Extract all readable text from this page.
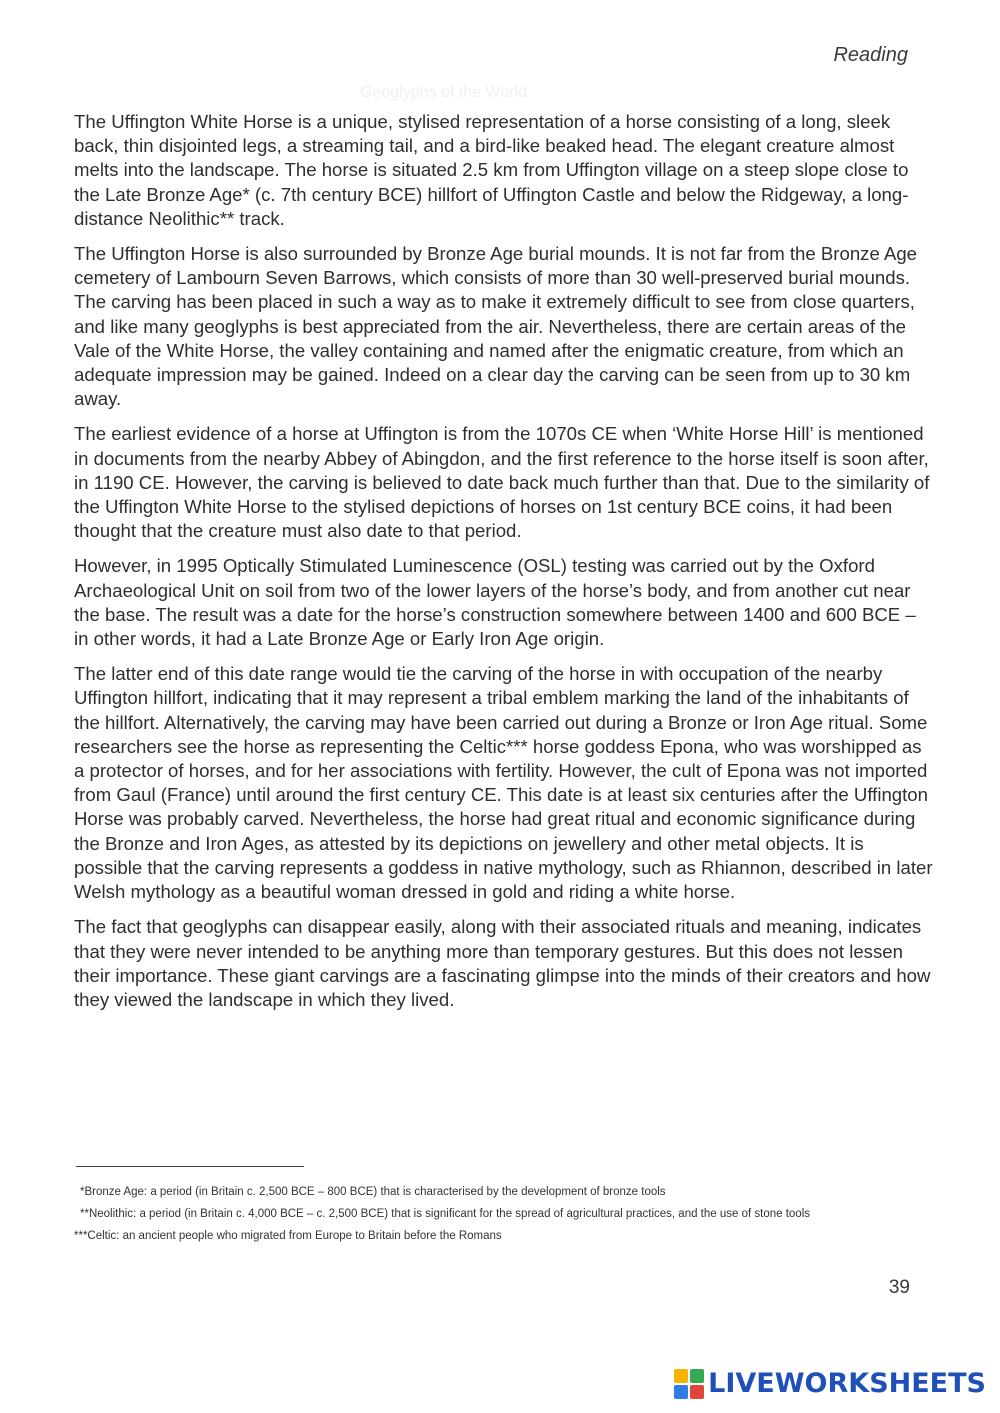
Reading
Geoglyphs of the World

The Uffington White Horse is a unique, stylised representation of a horse consisting of a long, sleek back, thin disjointed legs, a streaming tail, and a bird-like beaked head. The elegant creature almost melts into the landscape. The horse is situated 2.5 km from Uffington village on a steep slope close to the Late Bronze Age* (c. 7th century BCE) hillfort of Uffington Castle and below the Ridgeway, a long-distance Neolithic** track.

The Uffington Horse is also surrounded by Bronze Age burial mounds. It is not far from the Bronze Age cemetery of Lambourn Seven Barrows, which consists of more than 30 well-preserved burial mounds. The carving has been placed in such a way as to make it extremely difficult to see from close quarters, and like many geoglyphs is best appreciated from the air. Nevertheless, there are certain areas of the Vale of the White Horse, the valley containing and named after the enigmatic creature, from which an adequate impression may be gained. Indeed on a clear day the carving can be seen from up to 30 km away.

The earliest evidence of a horse at Uffington is from the 1070s CE when ‘White Horse Hill’ is mentioned in documents from the nearby Abbey of Abingdon, and the first reference to the horse itself is soon after, in 1190 CE. However, the carving is believed to date back much further than that. Due to the similarity of the Uffington White Horse to the stylised depictions of horses on 1st century BCE coins, it had been thought that the creature must also date to that period.

However, in 1995 Optically Stimulated Luminescence (OSL) testing was carried out by the Oxford Archaeological Unit on soil from two of the lower layers of the horse’s body, and from another cut near the base. The result was a date for the horse’s construction somewhere between 1400 and 600 BCE – in other words, it had a Late Bronze Age or Early Iron Age origin.

The latter end of this date range would tie the carving of the horse in with occupation of the nearby Uffington hillfort, indicating that it may represent a tribal emblem marking the land of the inhabitants of the hillfort. Alternatively, the carving may have been carried out during a Bronze or Iron Age ritual. Some researchers see the horse as representing the Celtic*** horse goddess Epona, who was worshipped as a protector of horses, and for her associations with fertility. However, the cult of Epona was not imported from Gaul (France) until around the first century CE. This date is at least six centuries after the Uffington Horse was probably carved. Nevertheless, the horse had great ritual and economic significance during the Bronze and Iron Ages, as attested by its depictions on jewellery and other metal objects. It is possible that the carving represents a goddess in native mythology, such as Rhiannon, described in later Welsh mythology as a beautiful woman dressed in gold and riding a white horse.

The fact that geoglyphs can disappear easily, along with their associated rituals and meaning, indicates that they were never intended to be anything more than temporary gestures. But this does not lessen their importance. These giant carvings are a fascinating glimpse into the minds of their creators and how they viewed the landscape in which they lived.

*Bronze Age: a period (in Britain c. 2,500 BCE – 800 BCE) that is characterised by the development of bronze tools

**Neolithic: a period (in Britain c. 4,000 BCE – c. 2,500 BCE) that is significant for the spread of agricultural practices, and the use of stone tools

***Celtic: an ancient people who migrated from Europe to Britain before the Romans

39
LIVEWORKSHEETS
